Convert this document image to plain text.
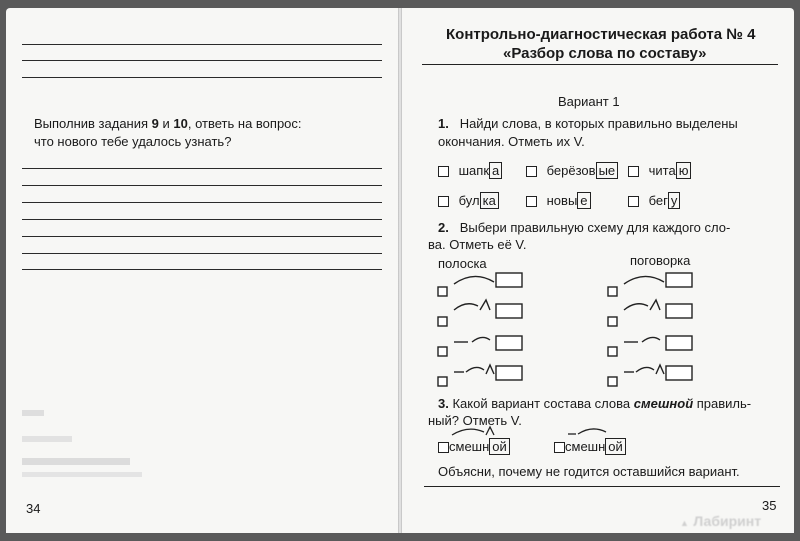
Выполнив задания 9 и 10, ответь на вопрос:
что нового тебе удалось узнать?
34
Контрольно-диагностическая работа № 4
«Разбор слова по составу»
Вариант 1
1. Найди слова, в которых правильно выделены
окончания. Отметь их V.
шапк а	берёзов ые	чита ю
бул ка	новы е	бег у
2. Выбери правильную схему для каждого сло-
ва. Отметь её V.
полоска	поговорка
3. Какой вариант состава слова смешной правиль-
ный? Отметь V.
смешн ой	смешн ой
Объясни, почему не годится оставшийся вариант.
35
▲ Лабиринт
